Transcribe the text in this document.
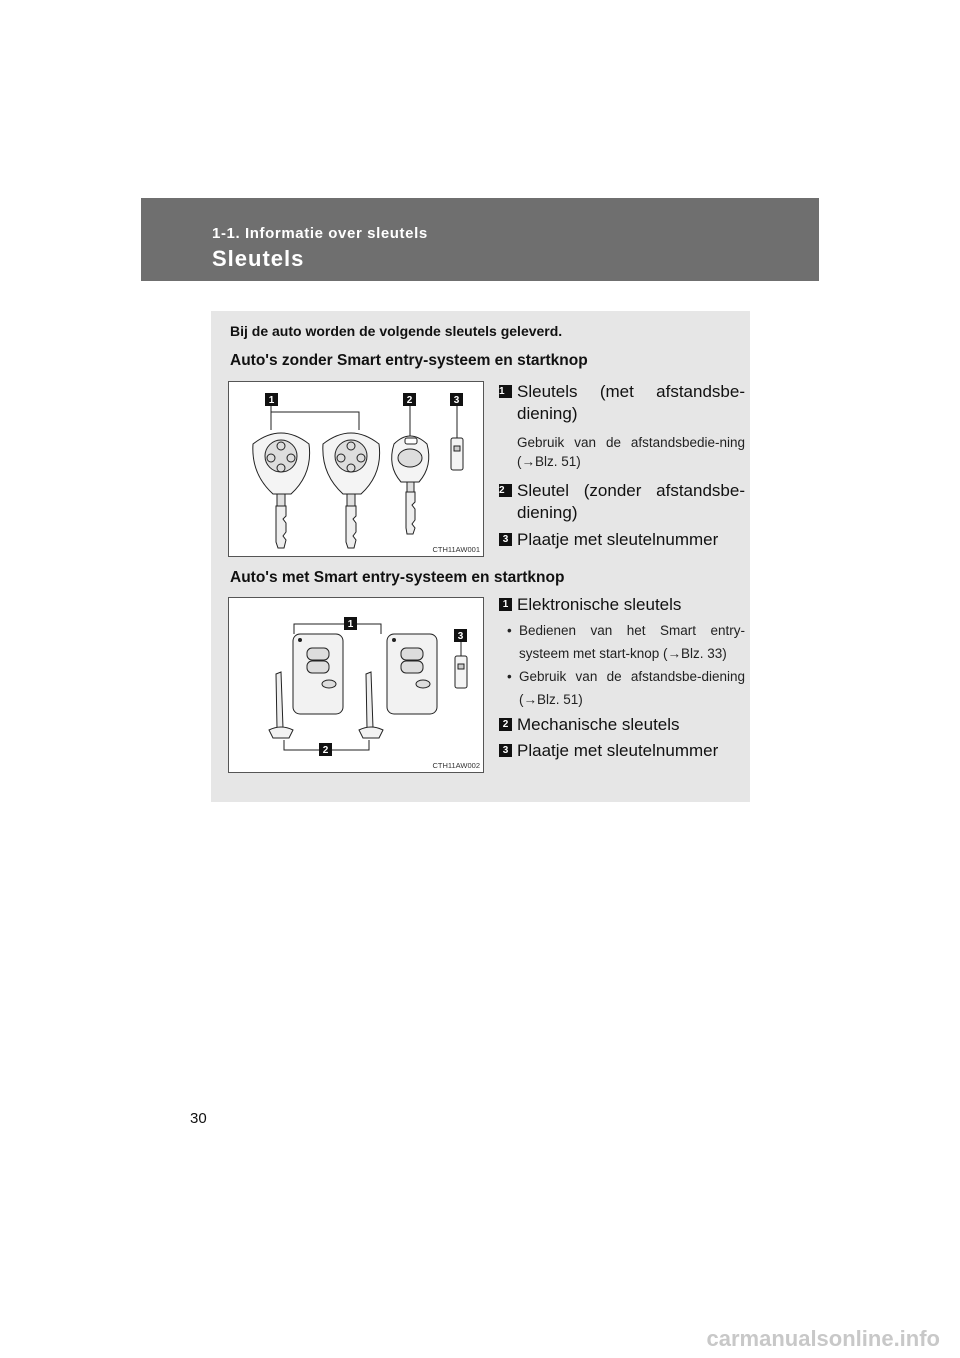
1-1. Informatie over sleutels
Sleutels
Bij de auto worden de volgende sleutels geleverd.
Auto's zonder Smart entry-systeem en startknop
1	2	3
CTH11AW001
1 Sleutels (met afstandsbe-diening)
Gebruik van de afstandsbedie-ning (→Blz. 51)
2 Sleutel (zonder afstandsbe-diening)
3 Plaatje met sleutelnummer
Auto's met Smart entry-systeem en startknop
1
3
2
CTH11AW002
1 Elektronische sleutels
• Bedienen van het Smart entry-systeem met start-knop (→Blz. 33)
• Gebruik van de afstandsbe-diening (→Blz. 51)
2 Mechanische sleutels
3 Plaatje met sleutelnummer
30
carmanualsonline.info
